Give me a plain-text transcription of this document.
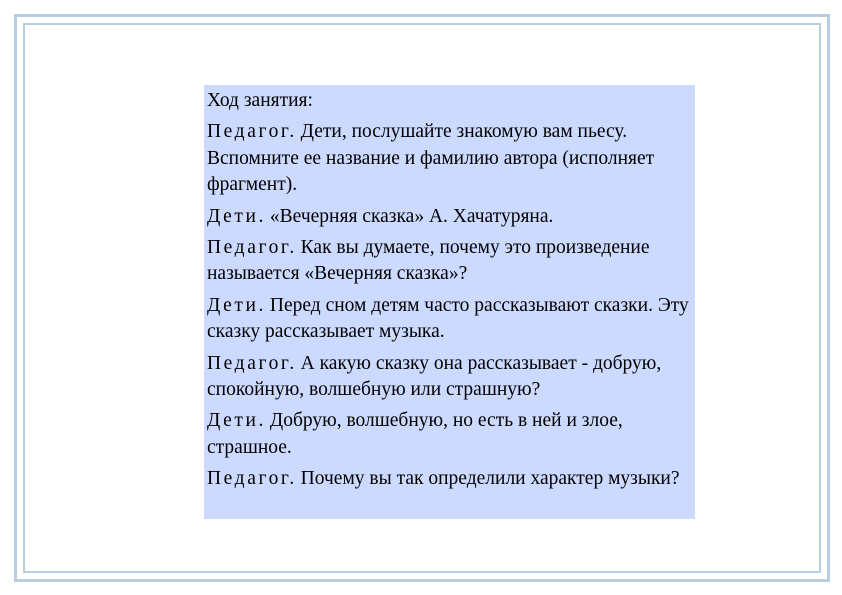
Ход занятия:

Педагог. Дети, послушайте знакомую вам пьесу. Вспомните ее название и фамилию автора (исполняет фрагмент).

Дети. «Вечерняя сказка» А. Хачатуряна.

Педагог. Как вы думаете, почему это произведение называется «Вечерняя сказка»?

Дети. Перед сном детям часто рассказывают сказки. Эту сказку рассказывает музыка.

Педагог. А какую сказку она рассказывает - добрую, спокойную, волшебную или страшную?

Дети. Добрую, волшебную, но есть в ней и злое, страшное.

Педагог. Почему вы так определили характер музыки?
